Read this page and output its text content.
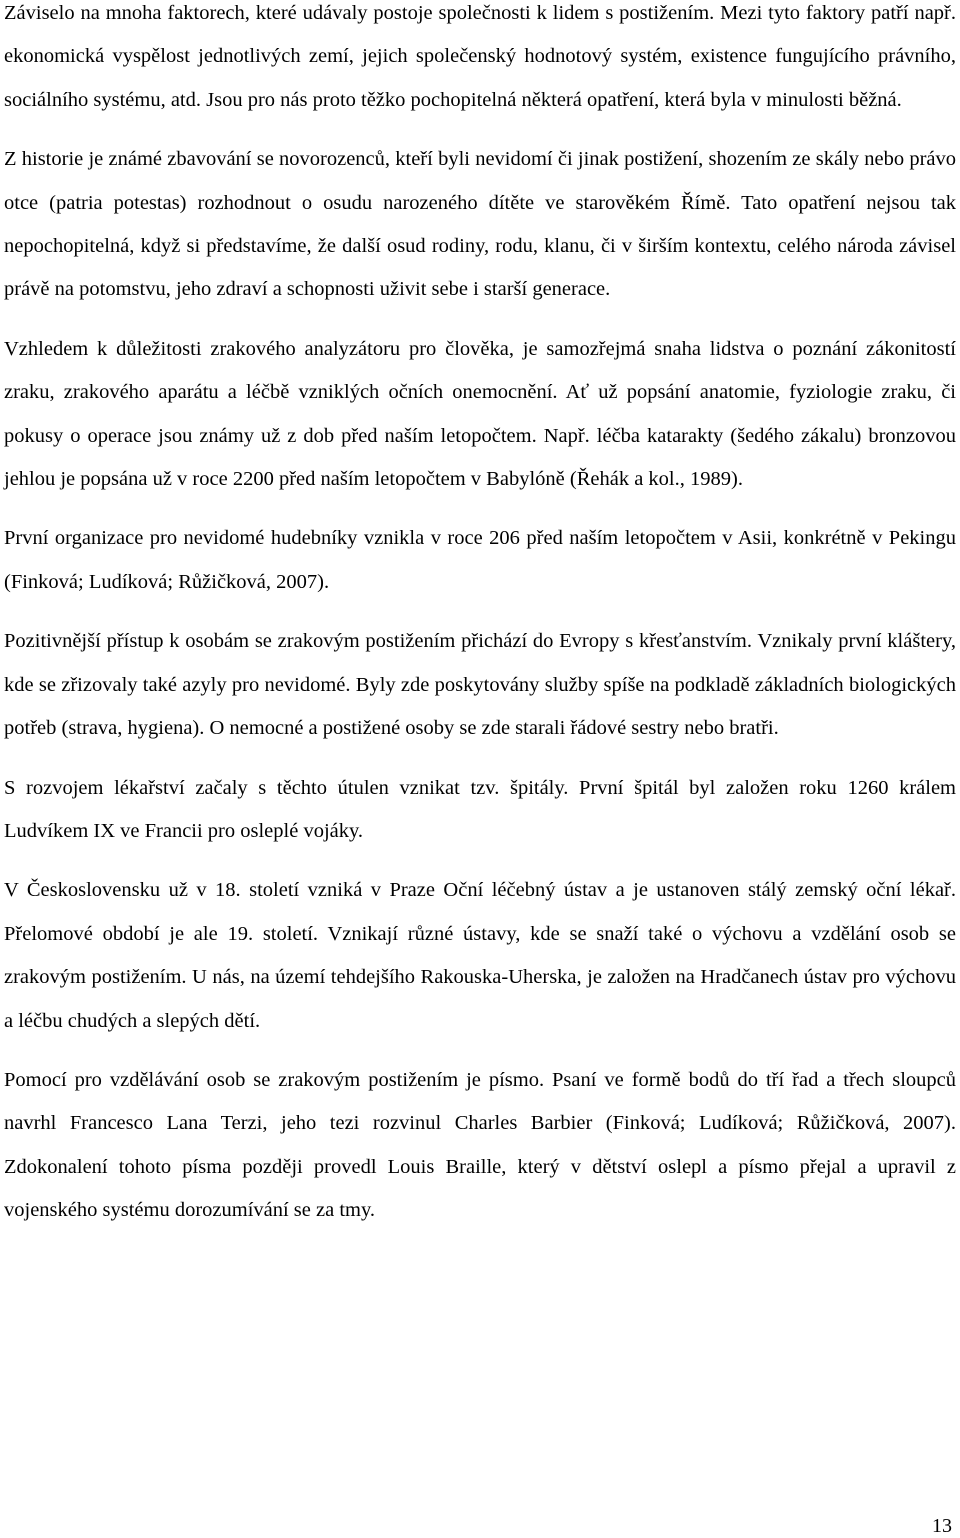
Záviselo na mnoha faktorech, které udávaly postoje společnosti k lidem s postižením. Mezi tyto faktory patří např. ekonomická vyspělost jednotlivých zemí, jejich společenský hodnotový systém, existence fungujícího právního, sociálního systému, atd. Jsou pro nás proto těžko pochopitelná některá opatření, která byla v minulosti běžná.

Z historie je známé zbavování se novorozenců, kteří byli nevidomí či jinak postižení, shozením ze skály nebo právo otce (patria potestas) rozhodnout o osudu narozeného dítěte ve starověkém Římě. Tato opatření nejsou tak nepochopitelná, když si představíme, že další osud rodiny, rodu, klanu, či v širším kontextu, celého národa závisel právě na potomstvu, jeho zdraví a schopnosti uživit sebe i starší generace.

Vzhledem k důležitosti zrakového analyzátoru pro člověka, je samozřejmá snaha lidstva o poznání zákonitostí zraku, zrakového aparátu a léčbě vzniklých očních onemocnění. Ať už popsání anatomie, fyziologie zraku, či pokusy o operace jsou známy už z dob před naším letopočtem. Např. léčba katarakty (šedého zákalu) bronzovou jehlou je popsána už v roce 2200 před naším letopočtem v Babylóně (Řehák a kol., 1989).

První organizace pro nevidomé hudebníky vznikla v roce 206 před naším letopočtem v Asii, konkrétně v Pekingu (Finková; Ludíková; Růžičková, 2007).

Pozitivnější přístup k osobám se zrakovým postižením přichází do Evropy s křesťanstvím. Vznikaly první kláštery, kde se zřizovaly také azyly pro nevidomé. Byly zde poskytovány služby spíše na podkladě základních biologických potřeb (strava, hygiena). O nemocné a postižené osoby se zde starali řádové sestry nebo bratři.

S rozvojem lékařství začaly s těchto útulen vznikat tzv. špitály. První špitál byl založen roku 1260 králem Ludvíkem IX ve Francii pro osleplé vojáky.

V Československu už v 18. století vzniká v Praze Oční léčebný ústav a je ustanoven stálý zemský oční lékař. Přelomové období je ale 19. století. Vznikají různé ústavy, kde se snaží také o výchovu a vzdělání osob se zrakovým postižením. U nás, na území tehdejšího Rakouska-Uherska, je založen na Hradčanech ústav pro výchovu a léčbu chudých a slepých dětí.

Pomocí pro vzdělávání osob se zrakovým postižením je písmo. Psaní ve formě bodů do tří řad a třech sloupců navrhl Francesco Lana Terzi, jeho tezi rozvinul Charles Barbier (Finková; Ludíková; Růžičková, 2007). Zdokonalení tohoto písma později provedl Louis Braille, který v dětství oslepl a písmo přejal a upravil z vojenského systému dorozumívání se za tmy.

13
